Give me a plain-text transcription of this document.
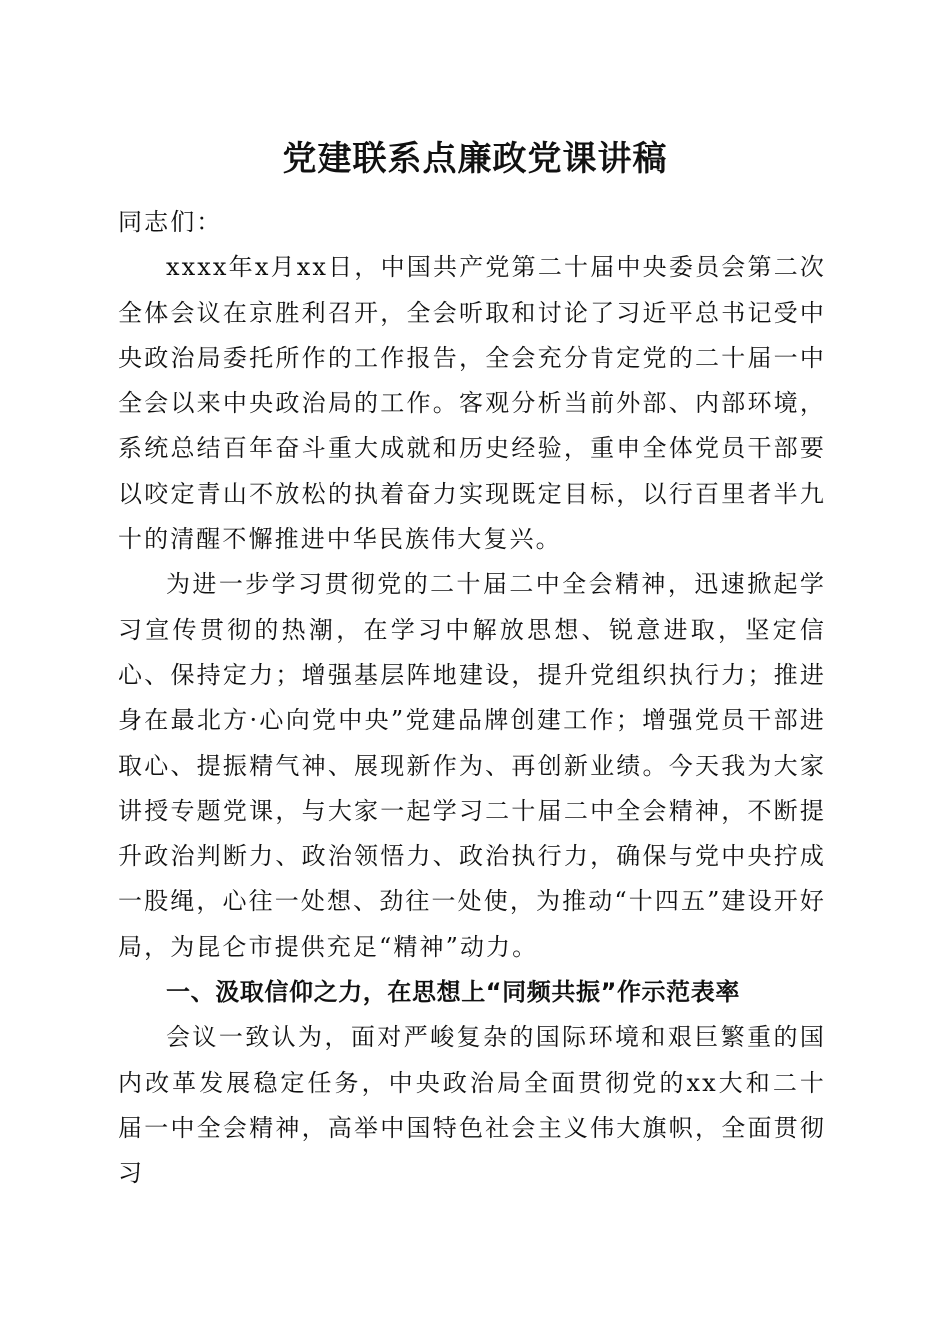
党建联系点廉政党课讲稿

同志们：

xxxx年x月xx日，中国共产党第二十届中央委员会第二次全体会议在京胜利召开，全会听取和讨论了习近平总书记受中央政治局委托所作的工作报告，全会充分肯定党的二十届一中全会以来中央政治局的工作。客观分析当前外部、内部环境，系统总结百年奋斗重大成就和历史经验，重申全体党员干部要以咬定青山不放松的执着奋力实现既定目标，以行百里者半九十的清醒不懈推进中华民族伟大复兴。

为进一步学习贯彻党的二十届二中全会精神，迅速掀起学习宣传贯彻的热潮，在学习中解放思想、锐意进取，坚定信心、保持定力；增强基层阵地建设，提升党组织执行力；推进身在最北方·心向党中央”党建品牌创建工作；增强党员干部进取心、提振精气神、展现新作为、再创新业绩。今天我为大家讲授专题党课，与大家一起学习二十届二中全会精神，不断提升政治判断力、政治领悟力、政治执行力，确保与党中央拧成一股绳，心往一处想、劲往一处使，为推动“十四五”建设开好局，为昆仑市提供充足“精神”动力。

一、汲取信仰之力，在思想上“同频共振”作示范表率

会议一致认为，面对严峻复杂的国际环境和艰巨繁重的国内改革发展稳定任务，中央政治局全面贯彻党的xx大和二十届一中全会精神，高举中国特色社会主义伟大旗帜，全面贯彻习
